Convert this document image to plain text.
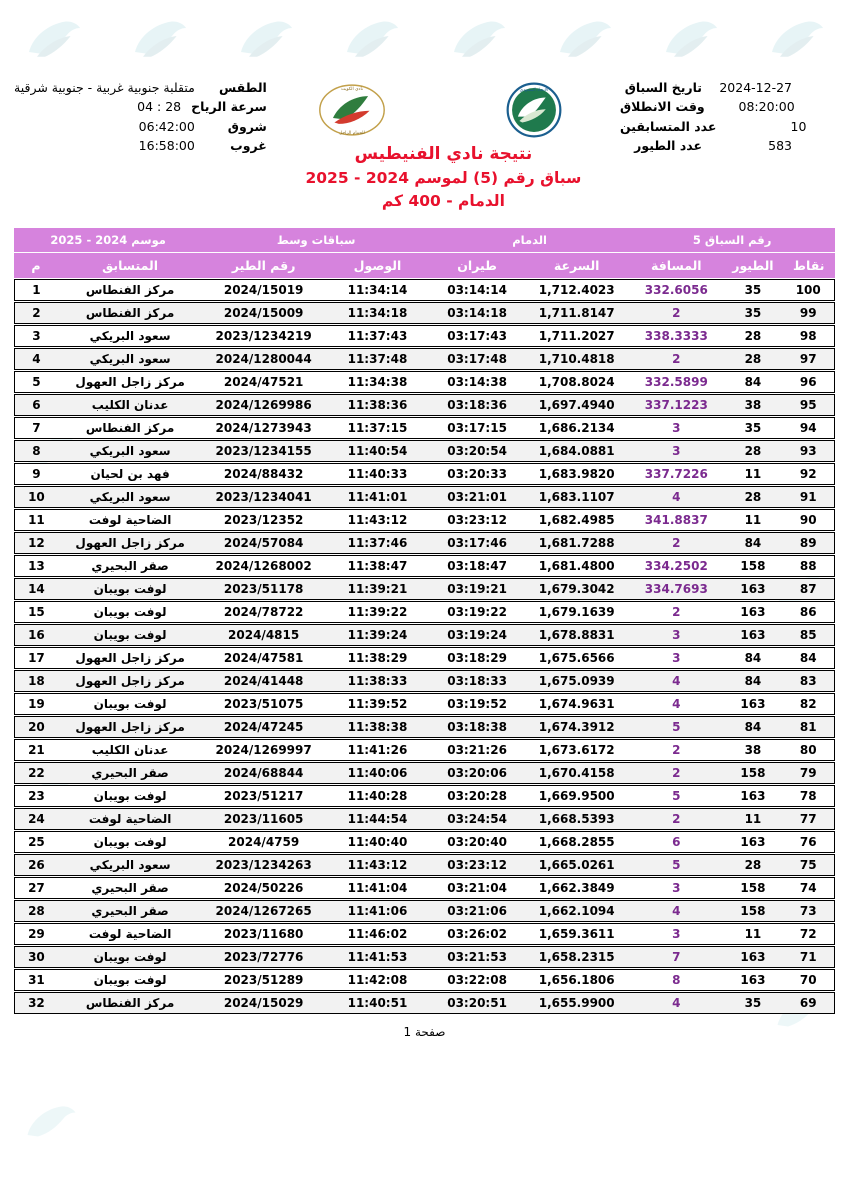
الطقس
متقلبة جنوبية غربية - جنوبية شرقية
سرعة الرياح
04 : 28
شروق
06:42:00
غروب
16:58:00
الاتحاد السعودي
نادي الكويت
للحمام الزاجل
نتيجة نادي الفنيطيس
سباق رقم (5) لموسم 2024 - 2025
الدمام - 400 كم
تاريخ السباق	2024-12-27
وقت الانطلاق	08:20:00
عدد المتسابقين	10
عدد الطيور	583
رقم السباق 5			الدمام		سباقات وسط		موسم 2024 - 2025	
نقاط	الطيور	المسافة	السرعة	طيران	الوصول	رقم الطير	المتسابق	م
100	35	332.6056	1,712.4023	03:14:14	11:34:14	2024/15019	مركز الفنطاس	1
99	35	2	1,711.8147	03:14:18	11:34:18	2024/15009	مركز الفنطاس	2
98	28	338.3333	1,711.2027	03:17:43	11:37:43	2023/1234219	سعود البريكي	3
97	28	2	1,710.4818	03:17:48	11:37:48	2024/1280044	سعود البريكي	4
96	84	332.5899	1,708.8024	03:14:38	11:34:38	2024/47521	مركز زاجل العهول	5
95	38	337.1223	1,697.4940	03:18:36	11:38:36	2024/1269986	عدنان الكليب	6
94	35	3	1,686.2134	03:17:15	11:37:15	2024/1273943	مركز الفنطاس	7
93	28	3	1,684.0881	03:20:54	11:40:54	2023/1234155	سعود البريكي	8
92	11	337.7226	1,683.9820	03:20:33	11:40:33	2024/88432	فهد بن لحيان	9
91	28	4	1,683.1107	03:21:01	11:41:01	2023/1234041	سعود البريكي	10
90	11	341.8837	1,682.4985	03:23:12	11:43:12	2023/12352	الضاحية لوفت	11
89	84	2	1,681.7288	03:17:46	11:37:46	2024/57084	مركز زاجل العهول	12
88	158	334.2502	1,681.4800	03:18:47	11:38:47	2024/1268002	صقر البحيري	13
87	163	334.7693	1,679.3042	03:19:21	11:39:21	2023/51178	لوفت بويبان	14
86	163	2	1,679.1639	03:19:22	11:39:22	2024/78722	لوفت بويبان	15
85	163	3	1,678.8831	03:19:24	11:39:24	2024/4815	لوفت بويبان	16
84	84	3	1,675.6566	03:18:29	11:38:29	2024/47581	مركز زاجل العهول	17
83	84	4	1,675.0939	03:18:33	11:38:33	2024/41448	مركز زاجل العهول	18
82	163	4	1,674.9631	03:19:52	11:39:52	2023/51075	لوفت بويبان	19
81	84	5	1,674.3912	03:18:38	11:38:38	2024/47245	مركز زاجل العهول	20
80	38	2	1,673.6172	03:21:26	11:41:26	2024/1269997	عدنان الكليب	21
79	158	2	1,670.4158	03:20:06	11:40:06	2024/68844	صقر البحيري	22
78	163	5	1,669.9500	03:20:28	11:40:28	2023/51217	لوفت بويبان	23
77	11	2	1,668.5393	03:24:54	11:44:54	2023/11605	الضاحية لوفت	24
76	163	6	1,668.2855	03:20:40	11:40:40	2024/4759	لوفت بويبان	25
75	28	5	1,665.0261	03:23:12	11:43:12	2023/1234263	سعود البريكي	26
74	158	3	1,662.3849	03:21:04	11:41:04	2024/50226	صقر البحيري	27
73	158	4	1,662.1094	03:21:06	11:41:06	2024/1267265	صقر البحيري	28
72	11	3	1,659.3611	03:26:02	11:46:02	2023/11680	الضاحية لوفت	29
71	163	7	1,658.2315	03:21:53	11:41:53	2023/72776	لوفت بويبان	30
70	163	8	1,656.1806	03:22:08	11:42:08	2023/51289	لوفت بويبان	31
69	35	4	1,655.9900	03:20:51	11:40:51	2024/15029	مركز الفنطاس	32
صفحة 1
